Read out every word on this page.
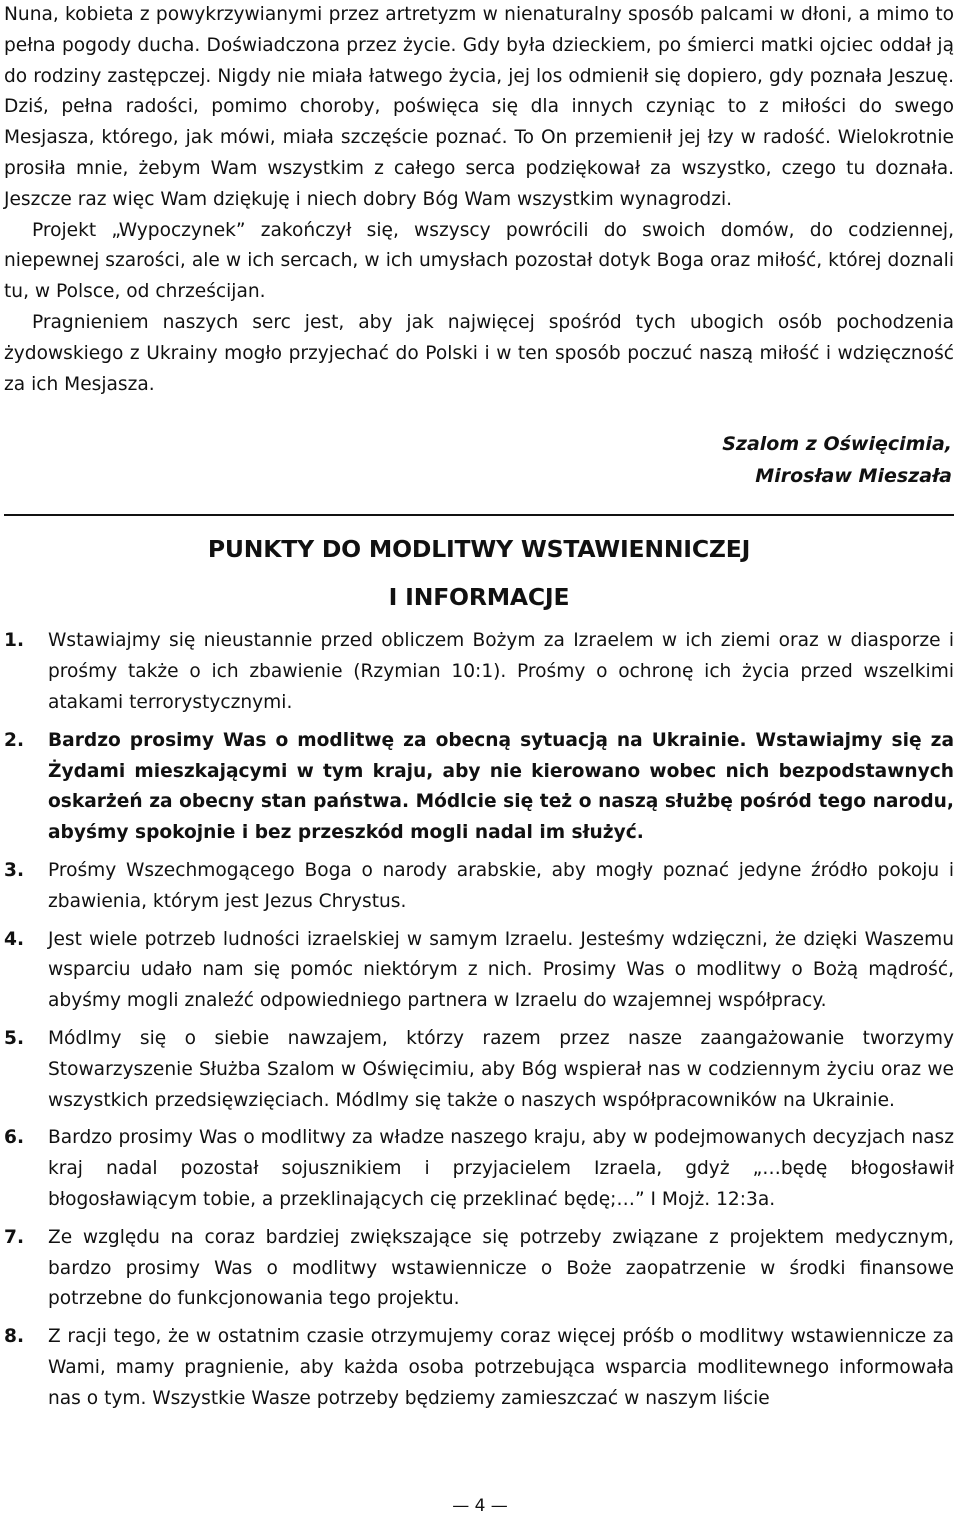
Nuna, kobieta z powykrzywianymi przez artretyzm w nienaturalny sposób palcami w dłoni, a mimo to pełna pogody ducha. Doświadczona przez życie. Gdy była dzieckiem, po śmierci matki ojciec oddał ją do rodziny zastępczej. Nigdy nie miała łatwego życia, jej los odmienił się dopiero, gdy poznała Jeszuę. Dziś, pełna radości, pomimo choroby, poświęca się dla innych czyniąc to z miłości do swego Mesjasza, którego, jak mówi, miała szczęście poznać. To On przemienił jej łzy w radość. Wielokrotnie prosiła mnie, żebym Wam wszystkim z całego serca podziękował za wszystko, czego tu doznała. Jeszcze raz więc Wam dziękuję i niech dobry Bóg Wam wszystkim wynagrodzi.

Projekt „Wypoczynek” zakończył się, wszyscy powrócili do swoich domów, do codziennej, niepewnej szarości, ale w ich sercach, w ich umysłach pozostał dotyk Boga oraz miłość, której doznali tu, w Polsce, od chrześcijan.

Pragnieniem naszych serc jest, aby jak najwięcej spośród tych ubogich osób pochodzenia żydowskiego z Ukrainy mogło przyjechać do Polski i w ten sposób poczuć naszą miłość i wdzięczność za ich Mesjasza.

Szalom z Oświęcimia,
Mirosław Mieszała
PUNKTY DO MODLITWY WSTAWIENNICZEJ
I INFORMACJE
1.	Wstawiajmy się nieustannie przed obliczem Bożym za Izraelem w ich ziemi oraz w diasporze i prośmy także o ich zbawienie (Rzymian 10:1). Prośmy o ochronę ich życia przed wszelkimi atakami terrorystycznymi.
2.	Bardzo prosimy Was o modlitwę za obecną sytuacją na Ukrainie. Wstawiajmy się za Żydami mieszkającymi w tym kraju, aby nie kierowano wobec nich bezpodstawnych oskarżeń za obecny stan państwa. Módlcie się też o naszą służbę pośród tego narodu, abyśmy spokojnie i bez przeszkód mogli nadal im służyć.
3.	Prośmy Wszechmogącego Boga o narody arabskie, aby mogły poznać jedyne źródło pokoju i zbawienia, którym jest Jezus Chrystus.
4.	Jest wiele potrzeb ludności izraelskiej w samym Izraelu. Jesteśmy wdzięczni, że dzięki Waszemu wsparciu udało nam się pomóc niektórym z nich. Prosimy Was o modlitwy o Bożą mądrość, abyśmy mogli znaleźć odpowiedniego partnera w Izraelu do wzajemnej współpracy.
5.	Módlmy się o siebie nawzajem, którzy razem przez nasze zaangażowanie tworzymy Stowarzyszenie Służba Szalom w Oświęcimiu, aby Bóg wspierał nas w codziennym życiu oraz we wszystkich przedsięwzięciach. Módlmy się także o naszych współpracowników na Ukrainie.
6.	Bardzo prosimy Was o modlitwy za władze naszego kraju, aby w podejmowanych decyzjach nasz kraj nadal pozostał sojusznikiem i przyjacielem Izraela, gdyż „…będę błogosławił błogosławiącym tobie, a przeklinających cię przeklinać będę;…” I Mojż. 12:3a.
7.	Ze względu na coraz bardziej zwiększające się potrzeby związane z projektem medycznym, bardzo prosimy Was o modlitwy wstawiennicze o Boże zaopatrzenie w środki finansowe potrzebne do funkcjonowania tego projektu.
8.	Z racji tego, że w ostatnim czasie otrzymujemy coraz więcej próśb o modlitwy wstawiennicze za Wami, mamy pragnienie, aby każda osoba potrzebująca wsparcia modlitewnego informowała nas o tym. Wszystkie Wasze potrzeby będziemy zamieszczać w naszym liście
— 4 —
